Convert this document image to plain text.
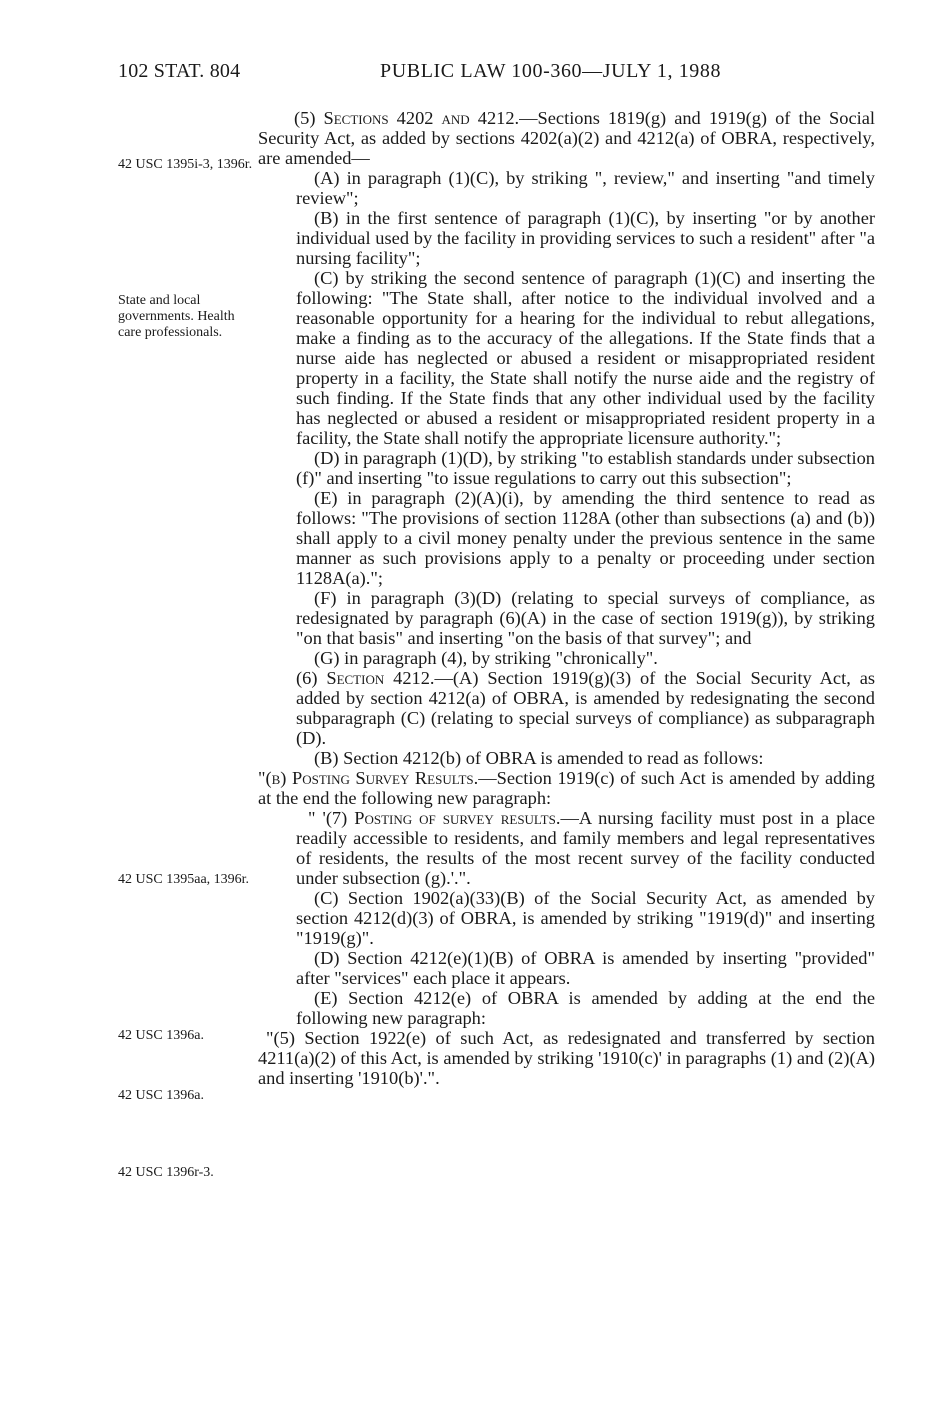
102 STAT. 804	PUBLIC LAW 100-360—JULY 1, 1988
42 USC 1395i-3, 1396r.
State and local governments. Health care professionals.
42 USC 1395aa, 1396r.
42 USC 1396a.
42 USC 1396a.
42 USC 1396r-3.

(5) Sections 4202 and 4212.—Sections 1819(g) and 1919(g) of the Social Security Act, as added by sections 4202(a)(2) and 4212(a) of OBRA, respectively, are amended—

(A) in paragraph (1)(C), by striking ", review," and inserting "and timely review";

(B) in the first sentence of paragraph (1)(C), by inserting "or by another individual used by the facility in providing services to such a resident" after "a nursing facility";

(C) by striking the second sentence of paragraph (1)(C) and inserting the following: "The State shall, after notice to the individual involved and a reasonable opportunity for a hearing for the individual to rebut allegations, make a finding as to the accuracy of the allegations. If the State finds that a nurse aide has neglected or abused a resident or misappropriated resident property in a facility, the State shall notify the nurse aide and the registry of such finding. If the State finds that any other individual used by the facility has neglected or abused a resident or misappropriated resident property in a facility, the State shall notify the appropriate licensure authority.";

(D) in paragraph (1)(D), by striking "to establish standards under subsection (f)" and inserting "to issue regulations to carry out this subsection";

(E) in paragraph (2)(A)(i), by amending the third sentence to read as follows: "The provisions of section 1128A (other than subsections (a) and (b)) shall apply to a civil money penalty under the previous sentence in the same manner as such provisions apply to a penalty or proceeding under section 1128A(a).";

(F) in paragraph (3)(D) (relating to special surveys of compliance, as redesignated by paragraph (6)(A) in the case of section 1919(g)), by striking "on that basis" and inserting "on the basis of that survey"; and

(G) in paragraph (4), by striking "chronically".

(6) Section 4212.—(A) Section 1919(g)(3) of the Social Security Act, as added by section 4212(a) of OBRA, is amended by redesignating the second subparagraph (C) (relating to special surveys of compliance) as subparagraph (D).

(B) Section 4212(b) of OBRA is amended to read as follows:

"(b) Posting Survey Results.—Section 1919(c) of such Act is amended by adding at the end the following new paragraph:

" '(7) Posting of survey results.—A nursing facility must post in a place readily accessible to residents, and family members and legal representatives of residents, the results of the most recent survey of the facility conducted under subsection (g).'.".

(C) Section 1902(a)(33)(B) of the Social Security Act, as amended by section 4212(d)(3) of OBRA, is amended by striking "1919(d)" and inserting "1919(g)".

(D) Section 4212(e)(1)(B) of OBRA is amended by inserting "provided" after "services" each place it appears.

(E) Section 4212(e) of OBRA is amended by adding at the end the following new paragraph:

"(5) Section 1922(e) of such Act, as redesignated and transferred by section 4211(a)(2) of this Act, is amended by striking '1910(c)' in paragraphs (1) and (2)(A) and inserting '1910(b)'.".
